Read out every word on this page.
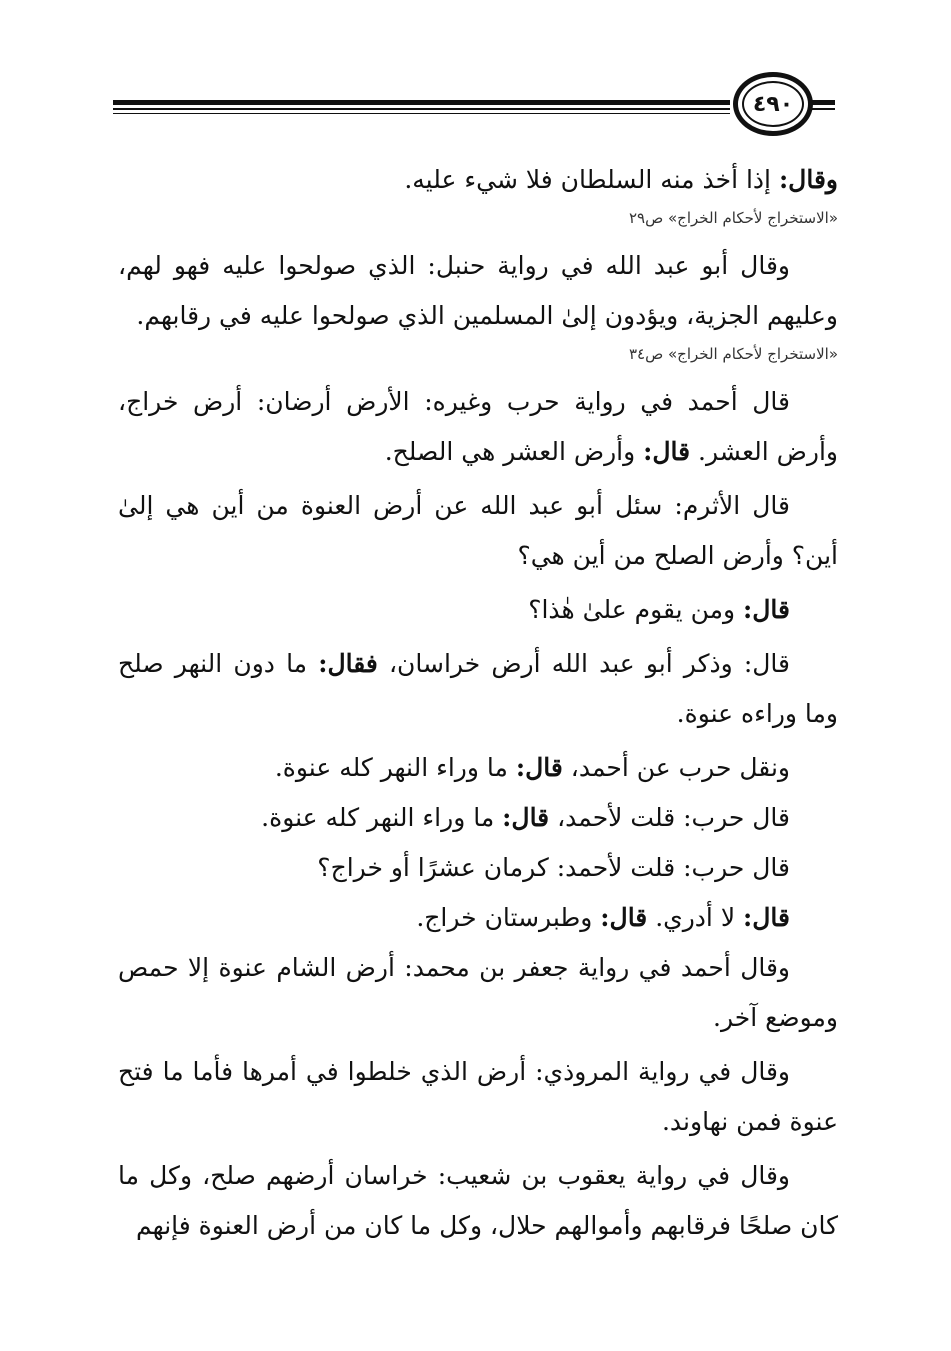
٤٩٠

وقال: إذا أخذ منه السلطان فلا شيء عليه.

«الاستخراج لأحكام الخراج» ص٢٩

وقال أبو عبد الله في رواية حنبل: الذي صولحوا عليه فهو لهم، وعليهم الجزية، ويؤدون إلىٰ المسلمين الذي صولحوا عليه في رقابهم.

«الاستخراج لأحكام الخراج» ص٣٤

قال أحمد في رواية حرب وغيره: الأرض أرضان: أرض خراج، وأرض العشر. قال: وأرض العشر هي الصلح.

قال الأثرم: سئل أبو عبد الله عن أرض العنوة من أين هي إلىٰ أين؟ وأرض الصلح من أين هي؟

قال: ومن يقوم علىٰ هٰذا؟

قال: وذكر أبو عبد الله أرض خراسان، فقال: ما دون النهر صلح وما وراءه عنوة.

ونقل حرب عن أحمد، قال: ما وراء النهر كله عنوة.

قال حرب: قلت لأحمد، قال: ما وراء النهر كله عنوة.

قال حرب: قلت لأحمد: كرمان عشرًا أو خراج؟

قال: لا أدري. قال: وطبرستان خراج.

وقال أحمد في رواية جعفر بن محمد: أرض الشام عنوة إلا حمص وموضع آخر.

وقال في رواية المروذي: أرض الذي خلطوا في أمرها فأما ما فتح عنوة فمن نهاوند.

وقال في رواية يعقوب بن شعيب: خراسان أرضهم صلح، وكل ما كان صلحًا فرقابهم وأموالهم حلال، وكل ما كان من أرض العنوة فإنهم
